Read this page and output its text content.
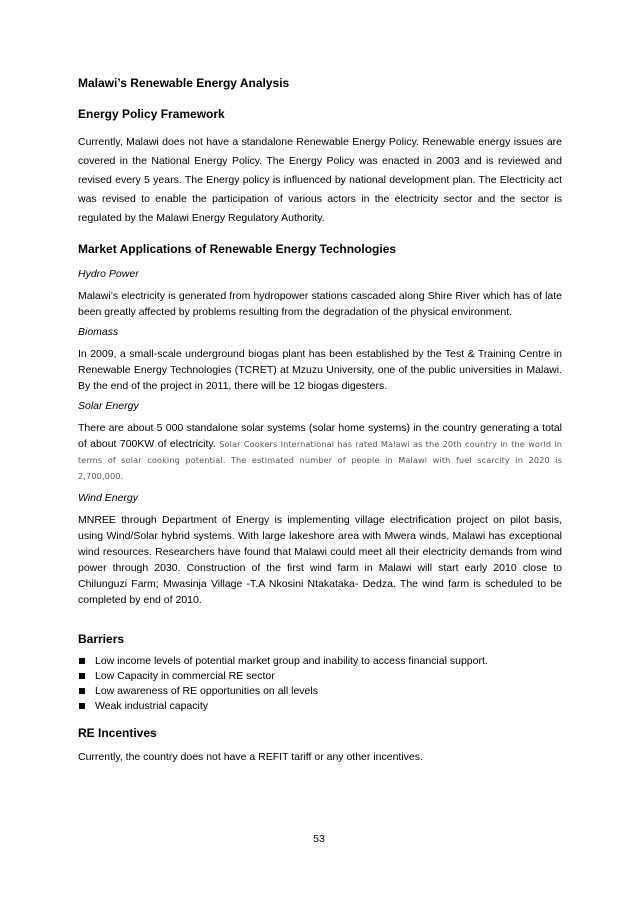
Malawi’s Renewable Energy Analysis
Energy Policy Framework

Currently, Malawi does not have a standalone Renewable Energy Policy. Renewable energy issues are covered in the National Energy Policy. The Energy Policy was enacted in 2003 and is reviewed and revised every 5 years. The Energy policy is influenced by national development plan. The Electricity act was revised to enable the participation of various actors in the electricity sector and the sector is regulated by the Malawi Energy Regulatory Authority.

Market Applications of Renewable Energy Technologies

Hydro Power

Malawi’s electricity is generated from hydropower stations cascaded along Shire River which has of late been greatly affected by problems resulting from the degradation of the physical environment.

Biomass

In 2009, a small-scale underground biogas plant has been established by the Test & Training Centre in Renewable Energy Technologies (TCRET) at Mzuzu University, one of the public universities in Malawi. By the end of the project in 2011, there will be 12 biogas digesters.

Solar Energy

There are about 5 000 standalone solar systems (solar home systems) in the country generating a total of about 700KW of electricity. Solar Cookers International has rated Malawi as the 20th country in the world in terms of solar cooking potential. The estimated number of people in Malawi with fuel scarcity in 2020 is 2,700,000.

Wind Energy

MNREE through Department of Energy is implementing village electrification project on pilot basis, using Wind/Solar hybrid systems. With large lakeshore area with Mwera winds, Malawi has exceptional wind resources. Researchers have found that Malawi could meet all their electricity demands from wind power through 2030. Construction of the first wind farm in Malawi will start early 2010 close to Chilunguzi Farm; Mwasinja Village -T.A Nkosini Ntakataka- Dedza. The wind farm is scheduled to be completed by end of 2010.

Barriers
Low income levels of potential market group and inability to access financial support.
Low Capacity in commercial RE sector
Low awareness of RE opportunities on all levels
Weak industrial capacity
RE Incentives

Currently, the country does not have a REFIT tariff or any other incentives.

53
